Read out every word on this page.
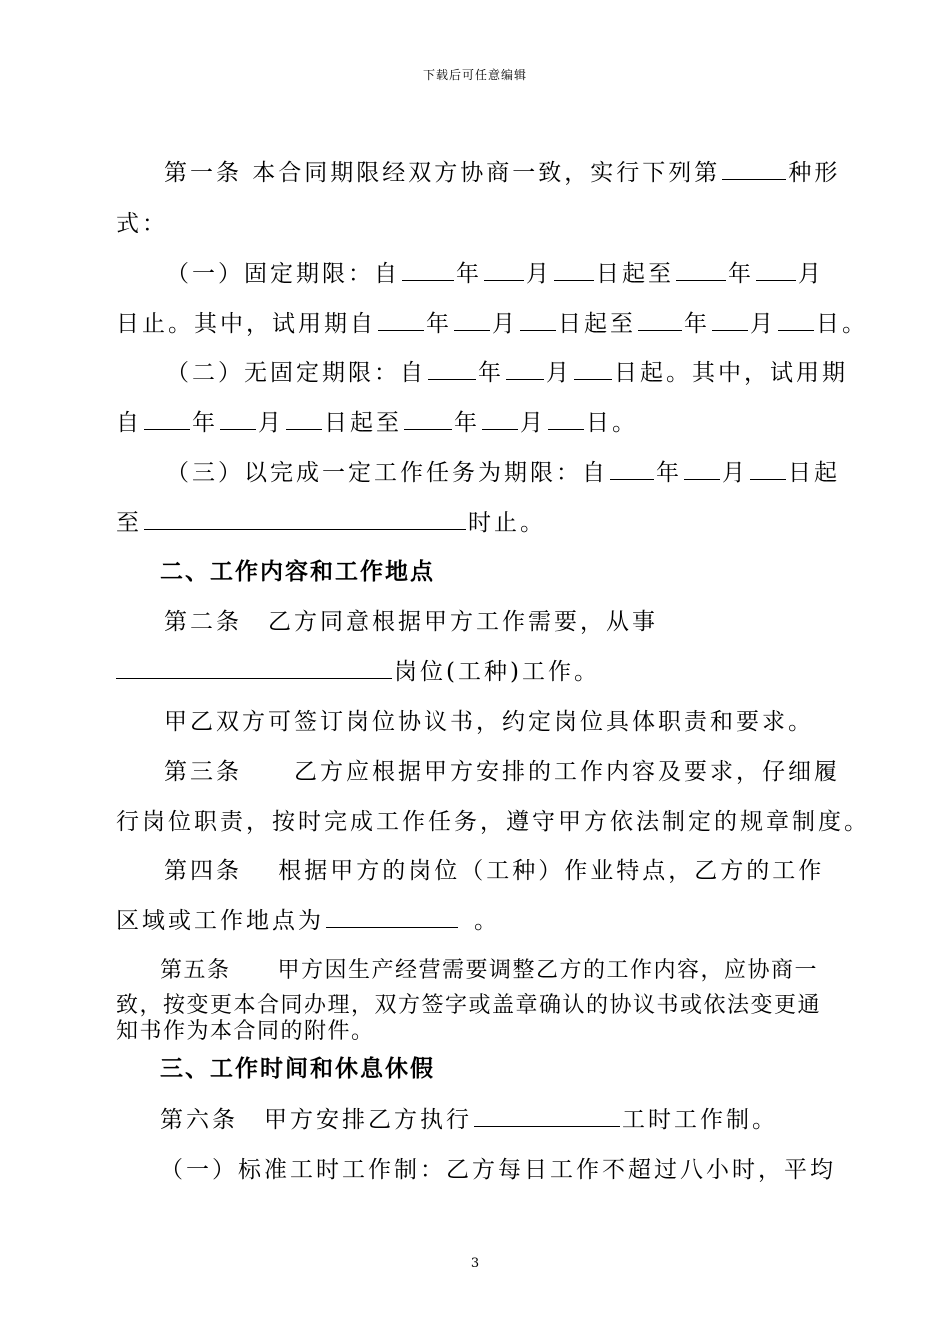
下载后可任意编辑
第一条 本合同期限经双方协商一致，实行下列第	种形
式：
（一）固定期限：自 年 月 日起至 年 月
日止。其中，试用期自 年 月 日起至 年 月 日。
（二）无固定期限：自 年 月 日起。其中，试用期
自 年 月 日起至 年 月 日。
（三）以完成一定工作任务为期限：自 年 月 日起
至	时止。
二、工作内容和工作地点
第二条　乙方同意根据甲方工作需要，从事
岗位(工种)工作。
甲乙双方可签订岗位协议书，约定岗位具体职责和要求。
第三条　　乙方应根据甲方安排的工作内容及要求，仔细履
行岗位职责，按时完成工作任务，遵守甲方依法制定的规章制度。
第四条　 根据甲方的岗位（工种）作业特点，乙方的工作
区域或工作地点为	。
第五条　　甲方因生产经营需要调整乙方的工作内容，应协商一
致，按变更本合同办理，双方签字或盖章确认的协议书或依法变更通
知书作为本合同的附件。
三、工作时间和休息休假
第六条　甲方安排乙方执行	工时工作制。
（一）标准工时工作制：乙方每日工作不超过八小时，平均
3
